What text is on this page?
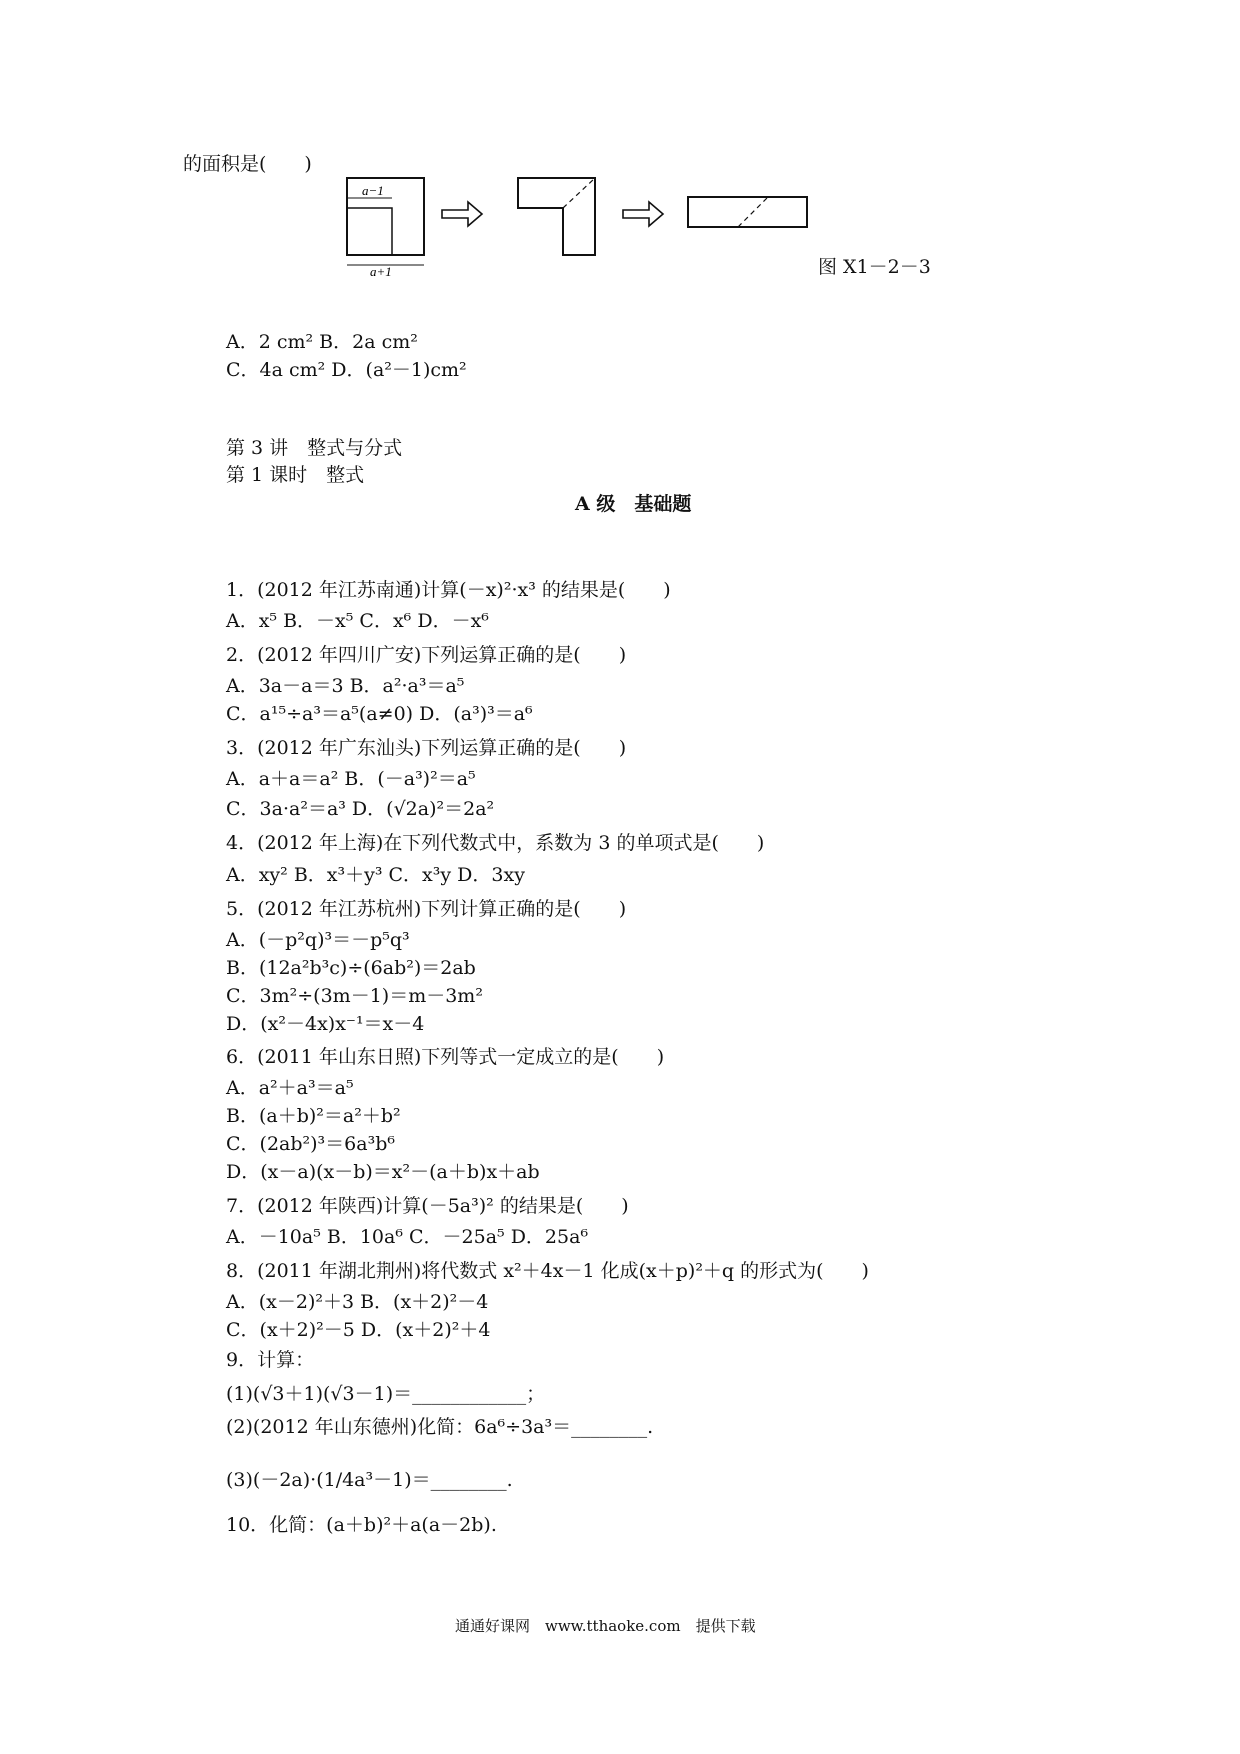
的面积是(　　)
a−1
a+1	图 X1－2－3
A．2 cm² B．2a cm²
C．4a cm² D．(a²－1)cm²
第 3 讲　整式与分式
第 1 课时　整式
A 级　基础题
1．(2012 年江苏南通)计算(－x)²·x³ 的结果是(　　)
A．x⁵ B．－x⁵ C．x⁶ D．－x⁶
2．(2012 年四川广安)下列运算正确的是(　　)
A．3a－a＝3 B．a²·a³＝a⁵
C．a¹⁵÷a³＝a⁵(a≠0) D．(a³)³＝a⁶
3．(2012 年广东汕头)下列运算正确的是(　　)
A．a＋a＝a² B．(－a³)²＝a⁵
C．3a·a²＝a³ D．(√2a)²＝2a²
4．(2012 年上海)在下列代数式中，系数为 3 的单项式是(　　)
A．xy² B．x³＋y³ C．x³y D．3xy
5．(2012 年江苏杭州)下列计算正确的是(　　)
A．(－p²q)³＝－p⁵q³
B．(12a²b³c)÷(6ab²)＝2ab
C．3m²÷(3m－1)＝m－3m²
D．(x²－4x)x⁻¹＝x－4
6．(2011 年山东日照)下列等式一定成立的是(　　)
A．a²＋a³＝a⁵
B．(a＋b)²＝a²＋b²
C．(2ab²)³＝6a³b⁶
D．(x－a)(x－b)＝x²－(a＋b)x＋ab
7．(2012 年陕西)计算(－5a³)² 的结果是(　　)
A．－10a⁵ B．10a⁶ C．－25a⁵ D．25a⁶
8．(2011 年湖北荆州)将代数式 x²＋4x－1 化成(x＋p)²＋q 的形式为(　　)
A．(x－2)²＋3 B．(x＋2)²－4
C．(x＋2)²－5 D．(x＋2)²＋4
9．计算：
(1)(√3＋1)(√3－1)＝____________；
(2)(2012 年山东德州)化简：6a⁶÷3a³＝________.
(3)(－2a)·(1/4a³－1)＝________.
10．化简：(a＋b)²＋a(a－2b).
通通好课网　www.tthaoke.com　提供下载
